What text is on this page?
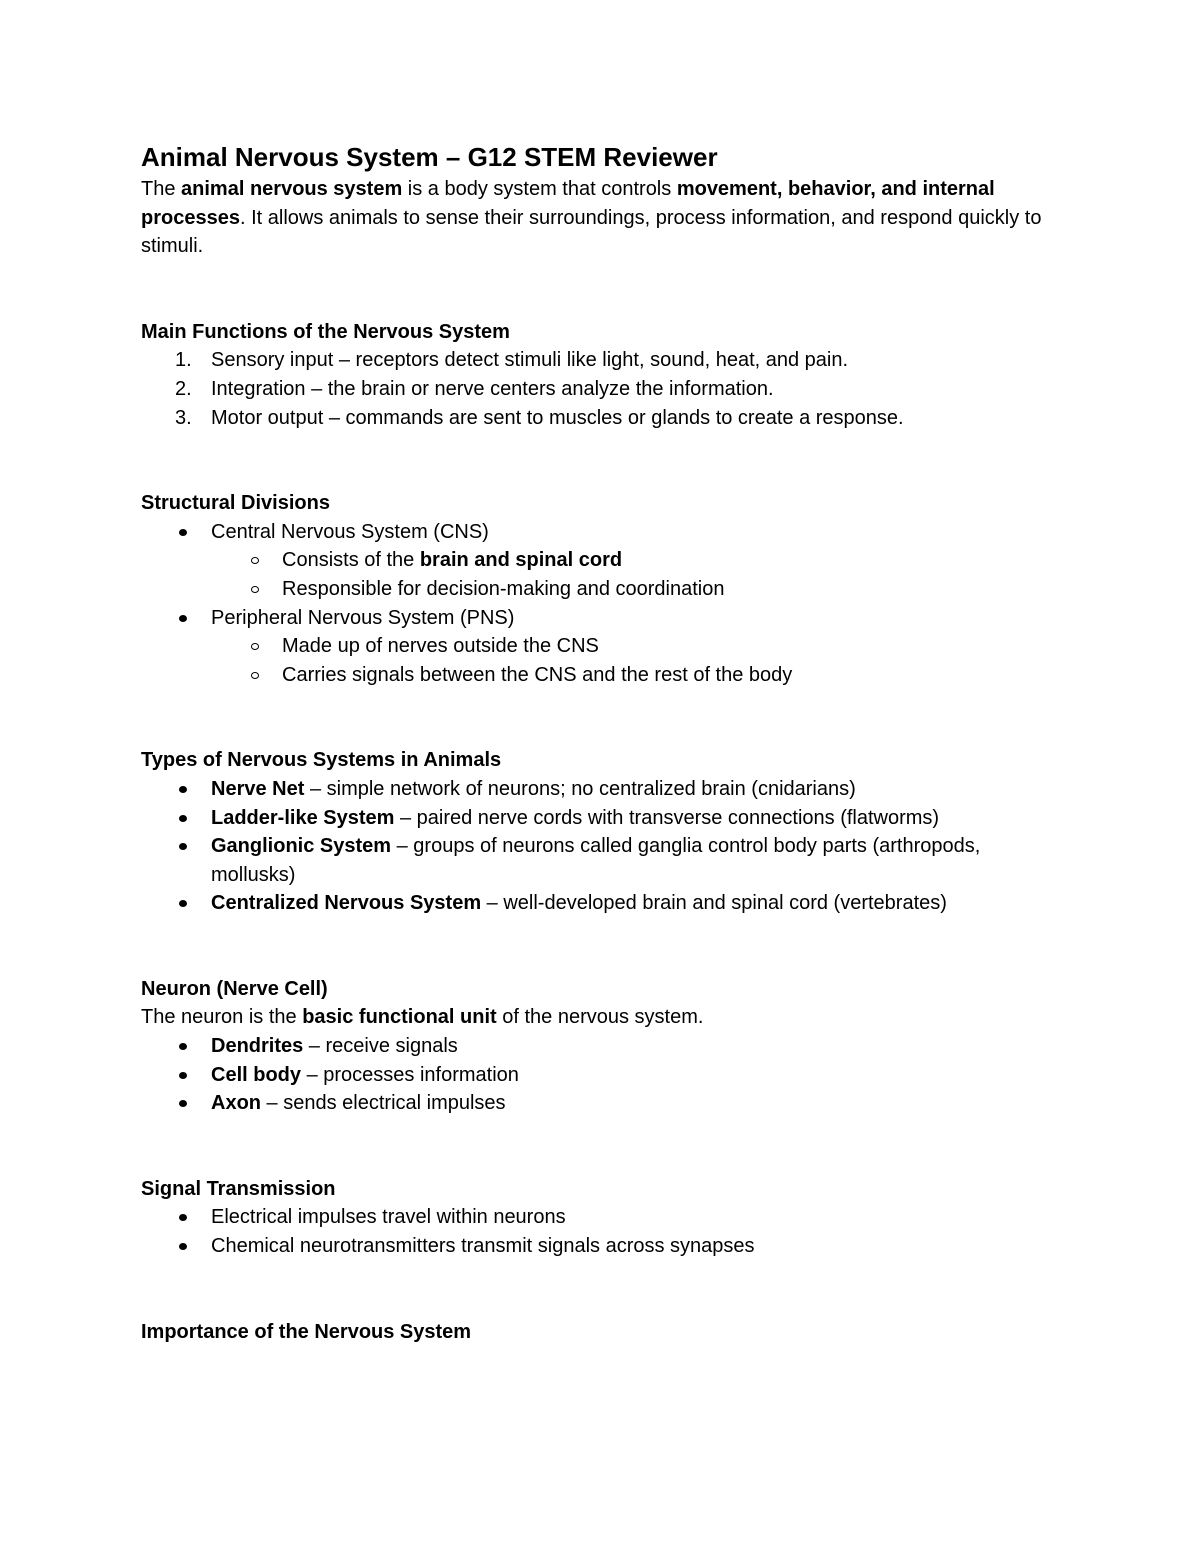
Animal Nervous System – G12 STEM Reviewer

The animal nervous system is a body system that controls movement, behavior, and internal processes. It allows animals to sense their surroundings, process information, and respond quickly to stimuli.

Main Functions of the Nervous System

1. Sensory input – receptors detect stimuli like light, sound, heat, and pain.
2. Integration – the brain or nerve centers analyze the information.
3. Motor output – commands are sent to muscles or glands to create a response.

Structural Divisions

Central Nervous System (CNS)
Consists of the brain and spinal cord
Responsible for decision-making and coordination
Peripheral Nervous System (PNS)
Made up of nerves outside the CNS
Carries signals between the CNS and the rest of the body

Types of Nervous Systems in Animals

Nerve Net – simple network of neurons; no centralized brain (cnidarians)
Ladder-like System – paired nerve cords with transverse connections (flatworms)
Ganglionic System – groups of neurons called ganglia control body parts (arthropods, mollusks)
Centralized Nervous System – well-developed brain and spinal cord (vertebrates)

Neuron (Nerve Cell)

The neuron is the basic functional unit of the nervous system.

Dendrites – receive signals
Cell body – processes information
Axon – sends electrical impulses

Signal Transmission

Electrical impulses travel within neurons
Chemical neurotransmitters transmit signals across synapses

Importance of the Nervous System
